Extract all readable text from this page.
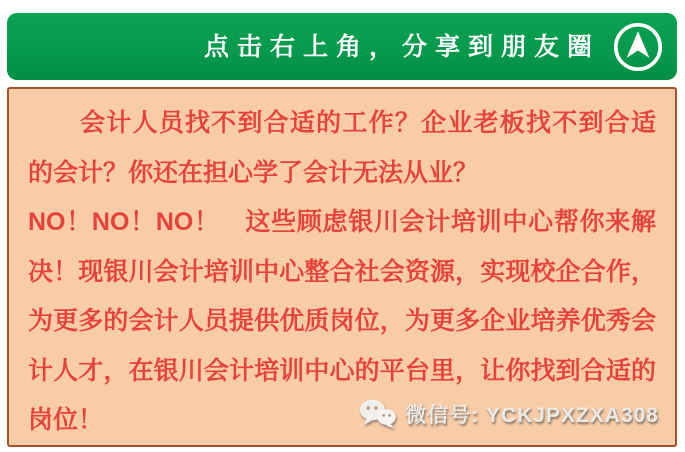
点击右上角，分享到朋友圈
会计人员找不到合适的工作？企业老板找不到合适
的会计？你还在担心学了会计无法从业？
NO！NO！NO！　这些顾虑银川会计培训中心帮你来解
决！现银川会计培训中心整合社会资源，实现校企合作，
为更多的会计人员提供优质岗位，为更多企业培养优秀会
计人才，在银川会计培训中心的平台里，让你找到合适的
岗位！	微信号: YCKJPXZXA308
